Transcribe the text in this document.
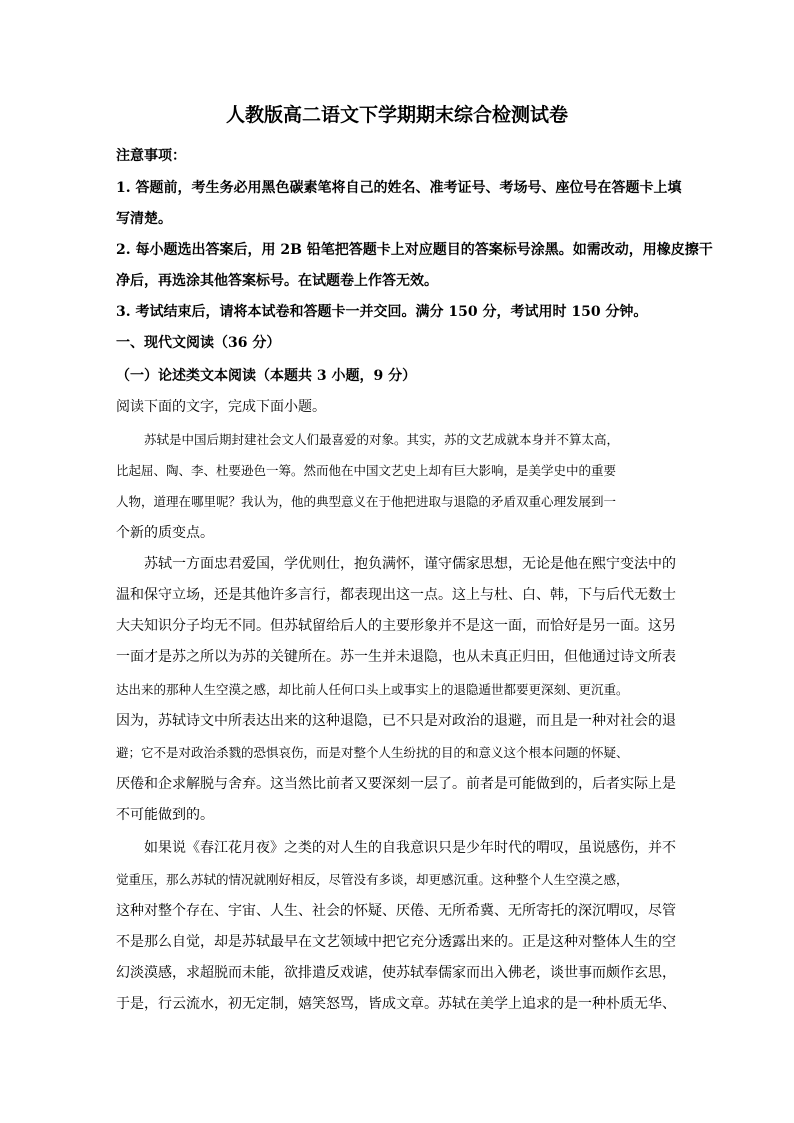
人教版高二语文下学期期末综合检测试卷
注意事项：
1. 答题前，考生务必用黑色碳素笔将自己的姓名、准考证号、考场号、座位号在答题卡上填
写清楚。
2. 每小题选出答案后，用 2B 铅笔把答题卡上对应题目的答案标号涂黑。如需改动，用橡皮擦干
净后，再选涂其他答案标号。在试题卷上作答无效。
3. 考试结束后，请将本试卷和答题卡一并交回。满分 150 分，考试用时 150 分钟。
一、现代文阅读（36 分）
（一）论述类文本阅读（本题共 3 小题，9 分）
阅读下面的文字，完成下面小题。
苏轼是中国后期封建社会文人们最喜爱的对象。其实，苏的文艺成就本身并不算太高，
比起屈、陶、李、杜要逊色一筹。然而他在中国文艺史上却有巨大影响，是美学史中的重要
人物，道理在哪里呢？我认为，他的典型意义在于他把进取与退隐的矛盾双重心理发展到一
个新的质变点。
苏轼一方面忠君爱国，学优则仕，抱负满怀，谨守儒家思想，无论是他在熙宁变法中的
温和保守立场，还是其他许多言行，都表现出这一点。这上与杜、白、韩，下与后代无数士
大夫知识分子均无不同。但苏轼留给后人的主要形象并不是这一面，而恰好是另一面。这另
一面才是苏之所以为苏的关键所在。苏一生并未退隐，也从未真正归田，但他通过诗文所表
达出来的那种人生空漠之感，却比前人任何口头上或事实上的退隐遁世都要更深刻、更沉重。
因为，苏轼诗文中所表达出来的这种退隐，已不只是对政治的退避，而且是一种对社会的退
避；它不是对政治杀戮的恐惧哀伤，而是对整个人生纷扰的目的和意义这个根本问题的怀疑、
厌倦和企求解脱与舍弃。这当然比前者又要深刻一层了。前者是可能做到的，后者实际上是
不可能做到的。
如果说《春江花月夜》之类的对人生的自我意识只是少年时代的喟叹，虽说感伤，并不
觉重压，那么苏轼的情况就刚好相反，尽管没有多谈，却更感沉重。这种整个人生空漠之感，
这种对整个存在、宇宙、人生、社会的怀疑、厌倦、无所希冀、无所寄托的深沉喟叹，尽管
不是那么自觉，却是苏轼最早在文艺领域中把它充分透露出来的。正是这种对整体人生的空
幻淡漠感，求超脱而未能，欲排遣反戏谑，使苏轼奉儒家而出入佛老，谈世事而颇作玄思，
于是，行云流水，初无定制，嬉笑怒骂，皆成文章。苏轼在美学上追求的是一种朴质无华、
